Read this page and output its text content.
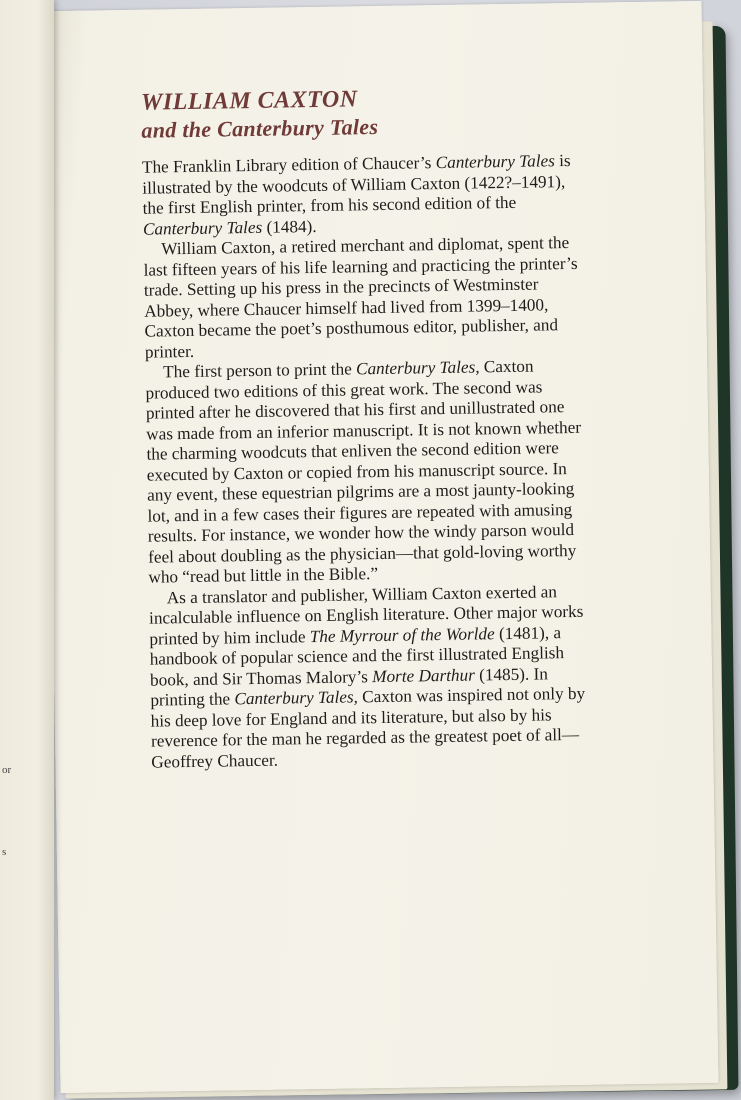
or
s
WILLIAM CAXTON
and the Canterbury Tales

The Franklin Library edition of Chaucer’s Canterbury Tales is illustrated by the woodcuts of William Caxton (1422?–1491), the first English printer, from his second edition of the Canterbury Tales (1484).

William Caxton, a retired merchant and diplomat, spent the last fifteen years of his life learning and practicing the printer’s trade. Setting up his press in the precincts of Westminster Abbey, where Chaucer himself had lived from 1399–1400, Caxton became the poet’s posthumous editor, publisher, and printer.

The first person to print the Canterbury Tales, Caxton produced two editions of this great work. The second was printed after he discovered that his first and unillustrated one was made from an inferior manuscript. It is not known whether the charming woodcuts that enliven the second edition were executed by Caxton or copied from his manuscript source. In any event, these equestrian pilgrims are a most jaunty-looking lot, and in a few cases their figures are repeated with amusing results. For instance, we wonder how the windy parson would feel about doubling as the physician—that gold-loving worthy who “read but little in the Bible.”

As a translator and publisher, William Caxton exerted an incalculable influence on English literature. Other major works printed by him include The Myrrour of the Worlde (1481), a handbook of popular science and the first illustrated English book, and Sir Thomas Malory’s Morte Darthur (1485). In printing the Canterbury Tales, Caxton was inspired not only by his deep love for England and its literature, but also by his reverence for the man he regarded as the greatest poet of all—Geoffrey Chaucer.
